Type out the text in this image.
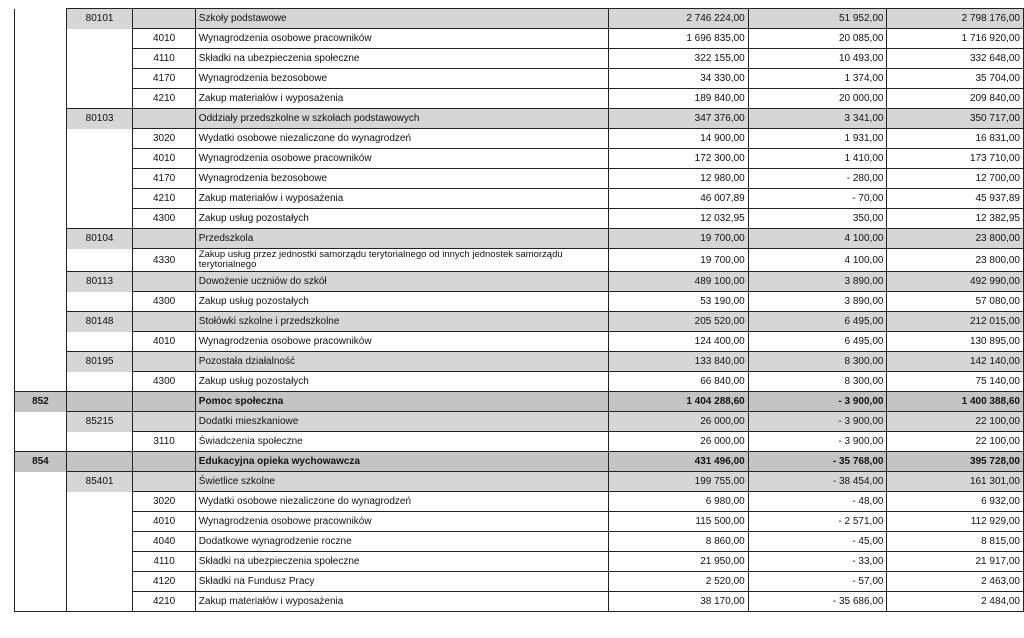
	80101		Szkoły podstawowe	2 746 224,00	51 952,00	2 798 176,00
		4010	Wynagrodzenia osobowe pracowników	1 696 835,00	20 085,00	1 716 920,00
		4110	Składki na ubezpieczenia społeczne	322 155,00	10 493,00	332 648,00
		4170	Wynagrodzenia bezosobowe	34 330,00	1 374,00	35 704,00
		4210	Zakup materiałów i wyposażenia	189 840,00	20 000,00	209 840,00
	80103		Oddziały przedszkolne w szkołach podstawowych	347 376,00	3 341,00	350 717,00
		3020	Wydatki osobowe niezaliczone do wynagrodzeń	14 900,00	1 931,00	16 831,00
		4010	Wynagrodzenia osobowe pracowników	172 300,00	1 410,00	173 710,00
		4170	Wynagrodzenia bezosobowe	12 980,00	- 280,00	12 700,00
		4210	Zakup materiałów i wyposażenia	46 007,89	- 70,00	45 937,89
		4300	Zakup usług pozostałych	12 032,95	350,00	12 382,95
	80104		Przedszkola	19 700,00	4 100,00	23 800,00
		4330	Zakup usług przez jednostki samorządu terytorialnego od innych jednostek samorządu terytorialnego	19 700,00	4 100,00	23 800,00
	80113		Dowożenie uczniów do szkół	489 100,00	3 890,00	492 990,00
		4300	Zakup usług pozostałych	53 190,00	3 890,00	57 080,00
	80148		Stołówki szkolne i przedszkolne	205 520,00	6 495,00	212 015,00
		4010	Wynagrodzenia osobowe pracowników	124 400,00	6 495,00	130 895,00
	80195		Pozostała działalność	133 840,00	8 300,00	142 140,00
		4300	Zakup usług pozostałych	66 840,00	8 300,00	75 140,00
852			Pomoc społeczna	1 404 288,60	- 3 900,00	1 400 388,60
	85215		Dodatki mieszkaniowe	26 000,00	- 3 900,00	22 100,00
		3110	Świadczenia społeczne	26 000,00	- 3 900,00	22 100,00
854			Edukacyjna opieka wychowawcza	431 496,00	- 35 768,00	395 728,00
	85401		Świetlice szkolne	199 755,00	- 38 454,00	161 301,00
		3020	Wydatki osobowe niezaliczone do wynagrodzeń	6 980,00	- 48,00	6 932,00
		4010	Wynagrodzenia osobowe pracowników	115 500,00	- 2 571,00	112 929,00
		4040	Dodatkowe wynagrodzenie roczne	8 860,00	- 45,00	8 815,00
		4110	Składki na ubezpieczenia społeczne	21 950,00	- 33,00	21 917,00
		4120	Składki na Fundusz Pracy	2 520,00	- 57,00	2 463,00
		4210	Zakup materiałów i wyposażenia	38 170,00	- 35 686,00	2 484,00
